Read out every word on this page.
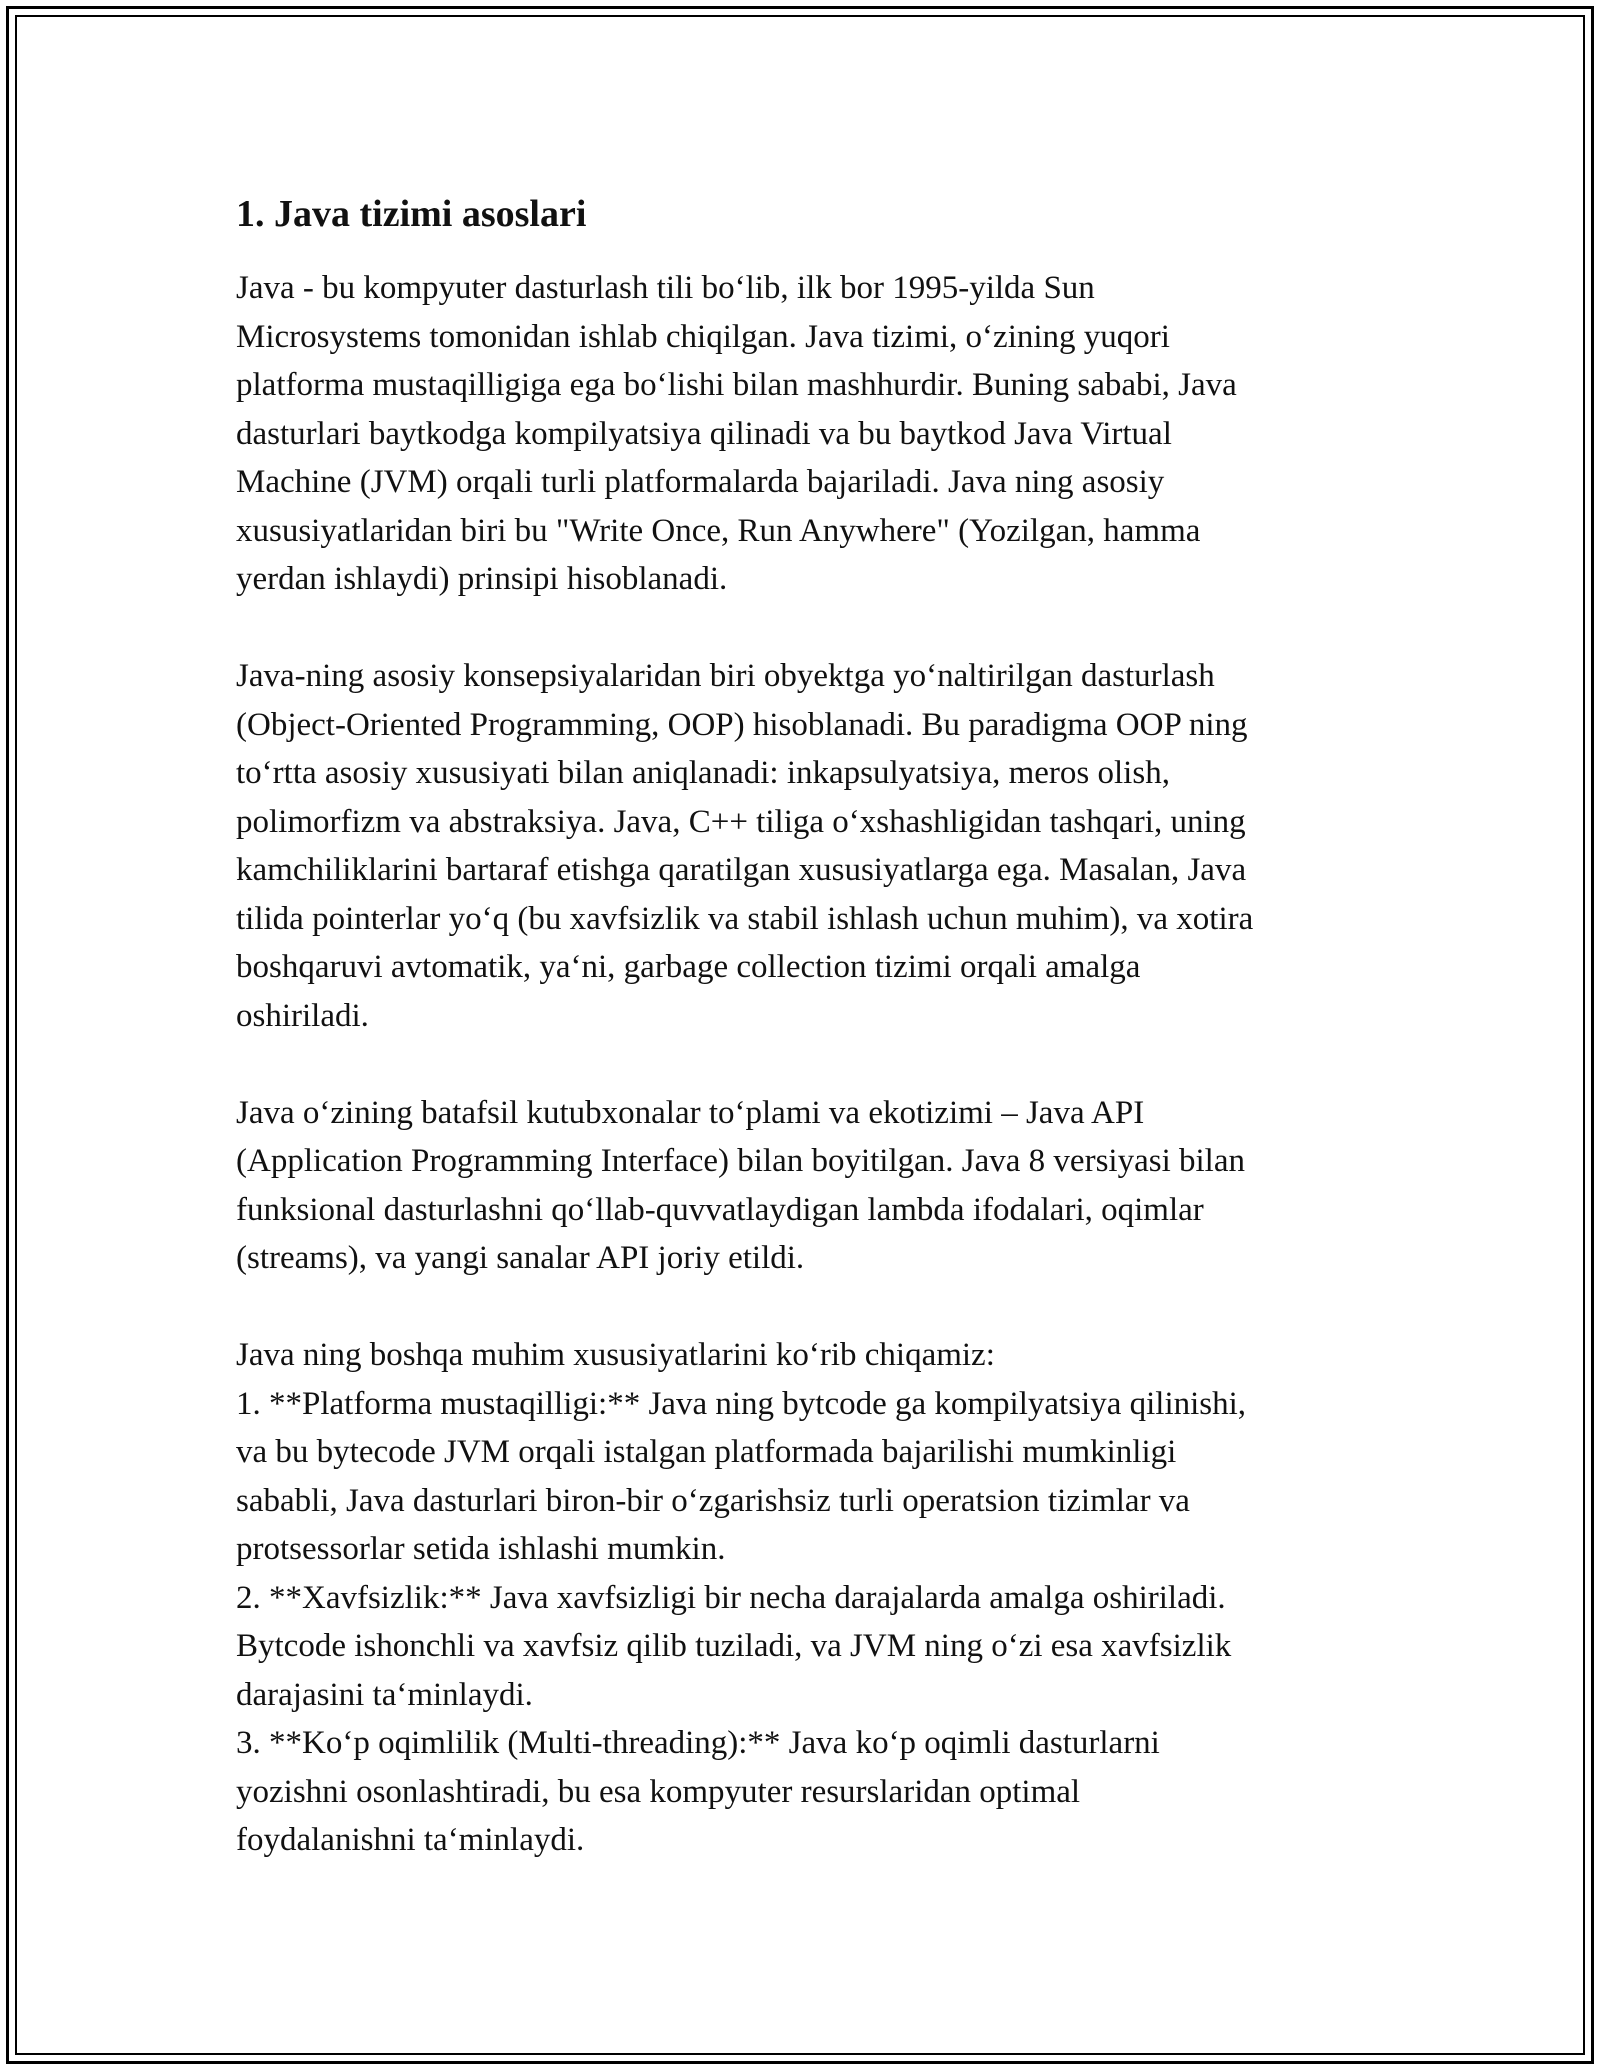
1. Java tizimi asoslari
Java - bu kompyuter dasturlash tili bo‘lib, ilk bor 1995-yilda Sun
Microsystems tomonidan ishlab chiqilgan. Java tizimi, o‘zining yuqori
platforma mustaqilligiga ega bo‘lishi bilan mashhurdir. Buning sababi, Java
dasturlari baytkodga kompilyatsiya qilinadi va bu baytkod Java Virtual
Machine (JVM) orqali turli platformalarda bajariladi. Java ning asosiy
xususiyatlaridan biri bu "Write Once, Run Anywhere" (Yozilgan, hamma
yerdan ishlaydi) prinsipi hisoblanadi.
Java-ning asosiy konsepsiyalaridan biri obyektga yo‘naltirilgan dasturlash
(Object-Oriented Programming, OOP) hisoblanadi. Bu paradigma OOP ning
to‘rtta asosiy xususiyati bilan aniqlanadi: inkapsulyatsiya, meros olish,
polimorfizm va abstraksiya. Java, C++ tiliga o‘xshashligidan tashqari, uning
kamchiliklarini bartaraf etishga qaratilgan xususiyatlarga ega. Masalan, Java
tilida pointerlar yo‘q (bu xavfsizlik va stabil ishlash uchun muhim), va xotira
boshqaruvi avtomatik, ya‘ni, garbage collection tizimi orqali amalga
oshiriladi.
Java o‘zining batafsil kutubxonalar to‘plami va ekotizimi – Java API
(Application Programming Interface) bilan boyitilgan. Java 8 versiyasi bilan
funksional dasturlashni qo‘llab-quvvatlaydigan lambda ifodalari, oqimlar
(streams), va yangi sanalar API joriy etildi.
Java ning boshqa muhim xususiyatlarini ko‘rib chiqamiz:
1. **Platforma mustaqilligi:** Java ning bytcode ga kompilyatsiya qilinishi,
va bu bytecode JVM orqali istalgan platformada bajarilishi mumkinligi
sababli, Java dasturlari biron-bir o‘zgarishsiz turli operatsion tizimlar va
protsessorlar setida ishlashi mumkin.
2. **Xavfsizlik:** Java xavfsizligi bir necha darajalarda amalga oshiriladi.
Bytcode ishonchli va xavfsiz qilib tuziladi, va JVM ning o‘zi esa xavfsizlik
darajasini ta‘minlaydi.
3. **Ko‘p oqimlilik (Multi-threading):** Java ko‘p oqimli dasturlarni
yozishni osonlashtiradi, bu esa kompyuter resurslaridan optimal
foydalanishni ta‘minlaydi.
